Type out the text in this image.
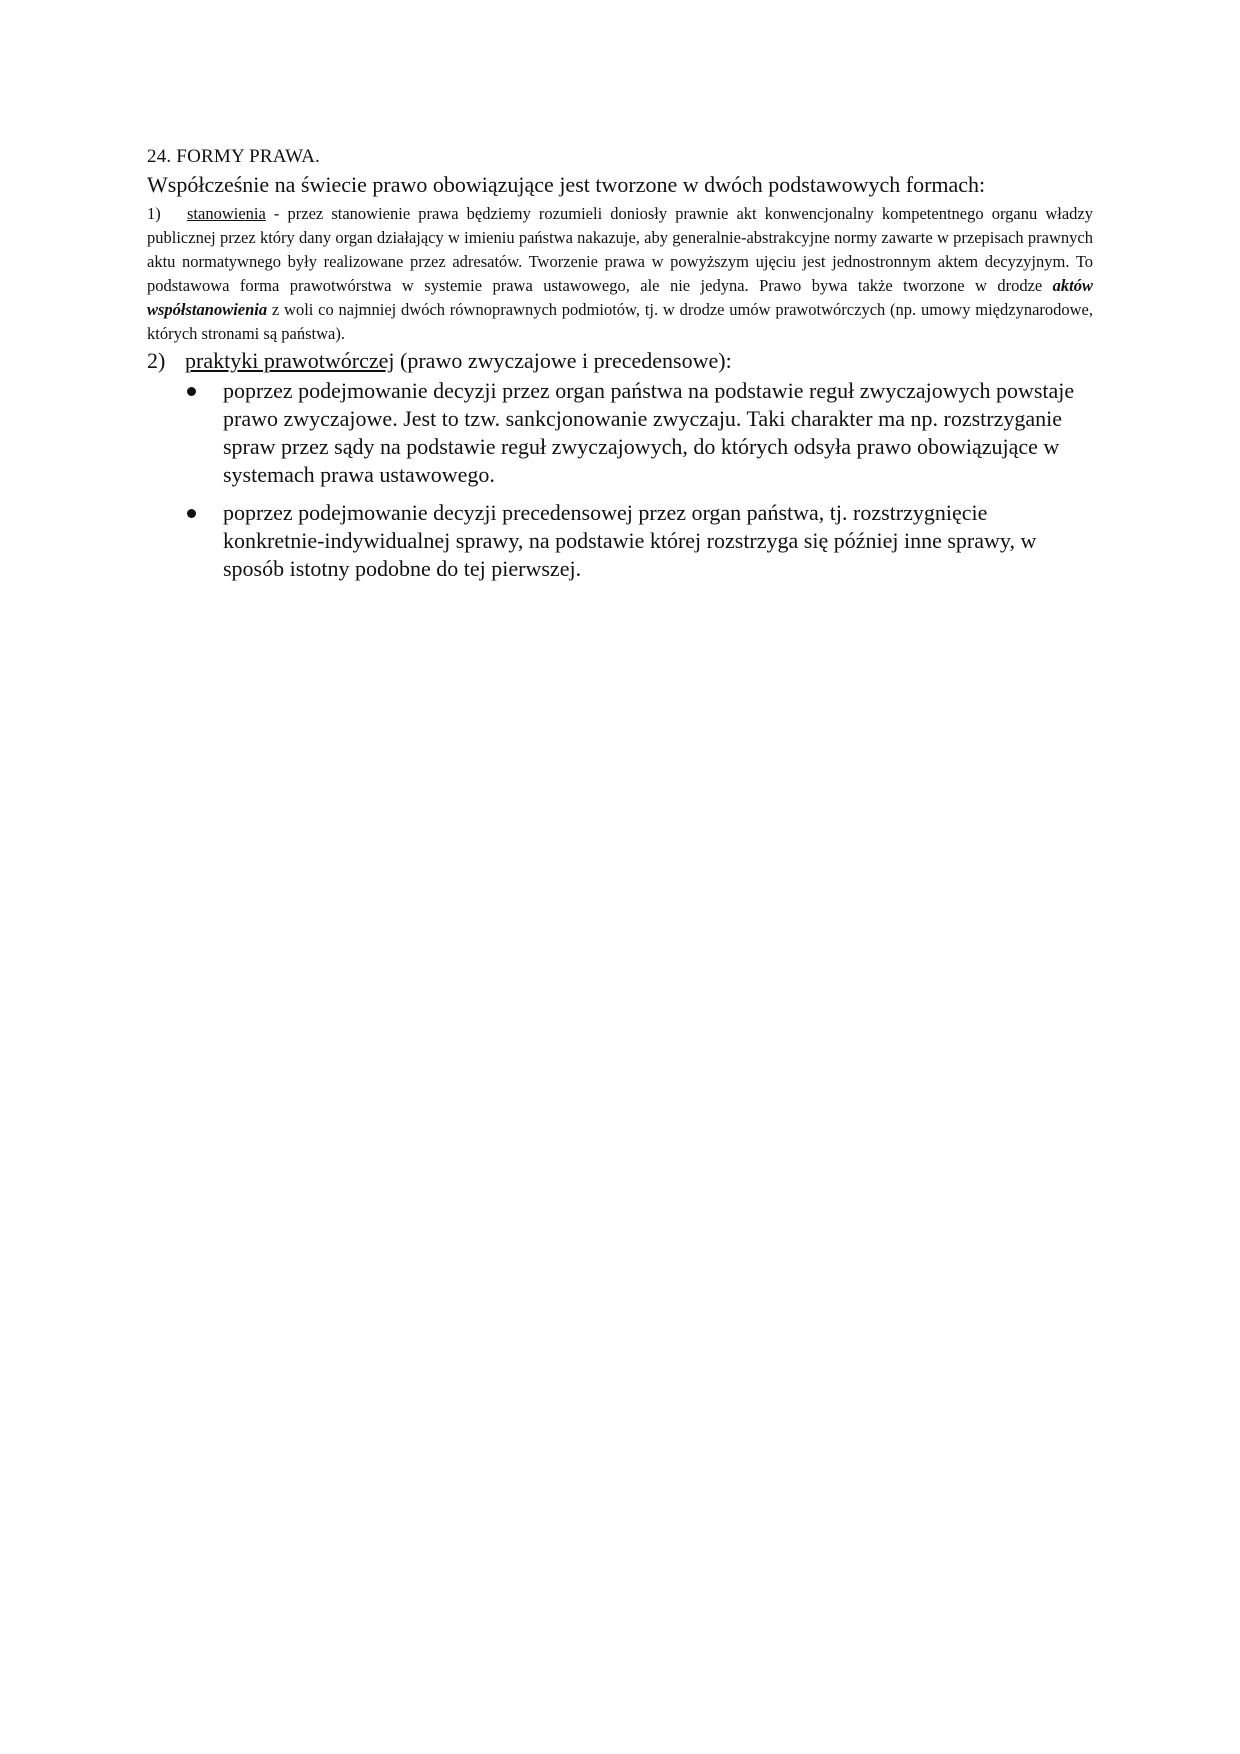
24. FORMY PRAWA.

Współcześnie na świecie prawo obowiązujące jest tworzone w dwóch podstawowych formach:

1) stanowienia - przez stanowienie prawa będziemy rozumieli doniosły prawnie akt konwencjonalny kompetentnego organu władzy publicznej przez który dany organ działający w imieniu państwa nakazuje, aby generalnie-abstrakcyjne normy zawarte w przepisach prawnych aktu normatywnego były realizowane przez adresatów. Tworzenie prawa w powyższym ujęciu jest jednostronnym aktem decyzyjnym. To podstawowa forma prawotwórstwa w systemie prawa ustawowego, ale nie jedyna. Prawo bywa także tworzone w drodze aktów współstanowienia z woli co najmniej dwóch równoprawnych podmiotów, tj. w drodze umów prawotwórczych (np. umowy międzynarodowe, których stronami są państwa).

2) praktyki prawotwórczej (prawo zwyczajowe i precedensowe):

poprzez podejmowanie decyzji przez organ państwa na podstawie reguł zwyczajowych powstaje prawo zwyczajowe. Jest to tzw. sankcjonowanie zwyczaju. Taki charakter ma np. rozstrzyganie spraw przez sądy na podstawie reguł zwyczajowych, do których odsyła prawo obowiązujące w systemach prawa ustawowego.
poprzez podejmowanie decyzji precedensowej przez organ państwa, tj. rozstrzygnięcie konkretnie-indywidualnej sprawy, na podstawie której rozstrzyga się później inne sprawy, w sposób istotny podobne do tej pierwszej.
